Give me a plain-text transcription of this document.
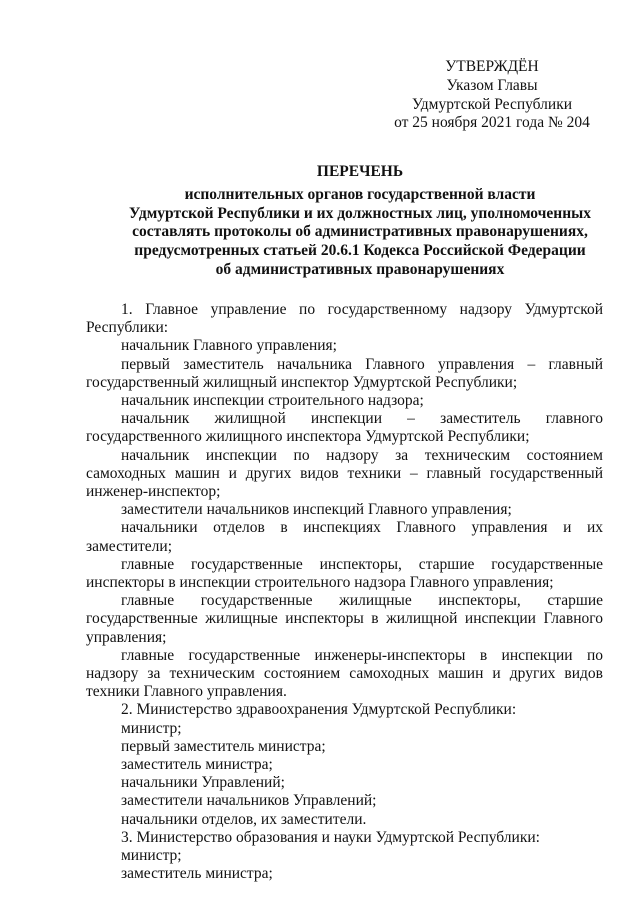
УТВЕРЖДЁН
Указом Главы
Удмуртской Республики
от 25 ноября 2021 года № 204
ПЕРЕЧЕНЬ
исполнительных органов государственной власти
Удмуртской Республики и их должностных лиц, уполномоченных
составлять протоколы об административных правонарушениях,
предусмотренных статьей 20.6.1 Кодекса Российской Федерации
об административных правонарушениях

1. Главное управление по государственному надзору Удмуртской Республики:

начальник Главного управления;

первый заместитель начальника Главного управления – главный государственный жилищный инспектор Удмуртской Республики;

начальник инспекции строительного надзора;

начальник жилищной инспекции – заместитель главного государственного жилищного инспектора Удмуртской Республики;

начальник инспекции по надзору за техническим состоянием самоходных машин и других видов техники – главный государственный инженер-инспектор;

заместители начальников инспекций Главного управления;

начальники отделов в инспекциях Главного управления и их заместители;

главные государственные инспекторы, старшие государственные инспекторы в инспекции строительного надзора Главного управления;

главные государственные жилищные инспекторы, старшие государственные жилищные инспекторы в жилищной инспекции Главного управления;

главные государственные инженеры-инспекторы в инспекции по надзору за техническим состоянием самоходных машин и других видов техники Главного управления.

2. Министерство здравоохранения Удмуртской Республики:

министр;

первый заместитель министра;

заместитель министра;

начальники Управлений;

заместители начальников Управлений;

начальники отделов, их заместители.

3. Министерство образования и науки Удмуртской Республики:

министр;

заместитель министра;
